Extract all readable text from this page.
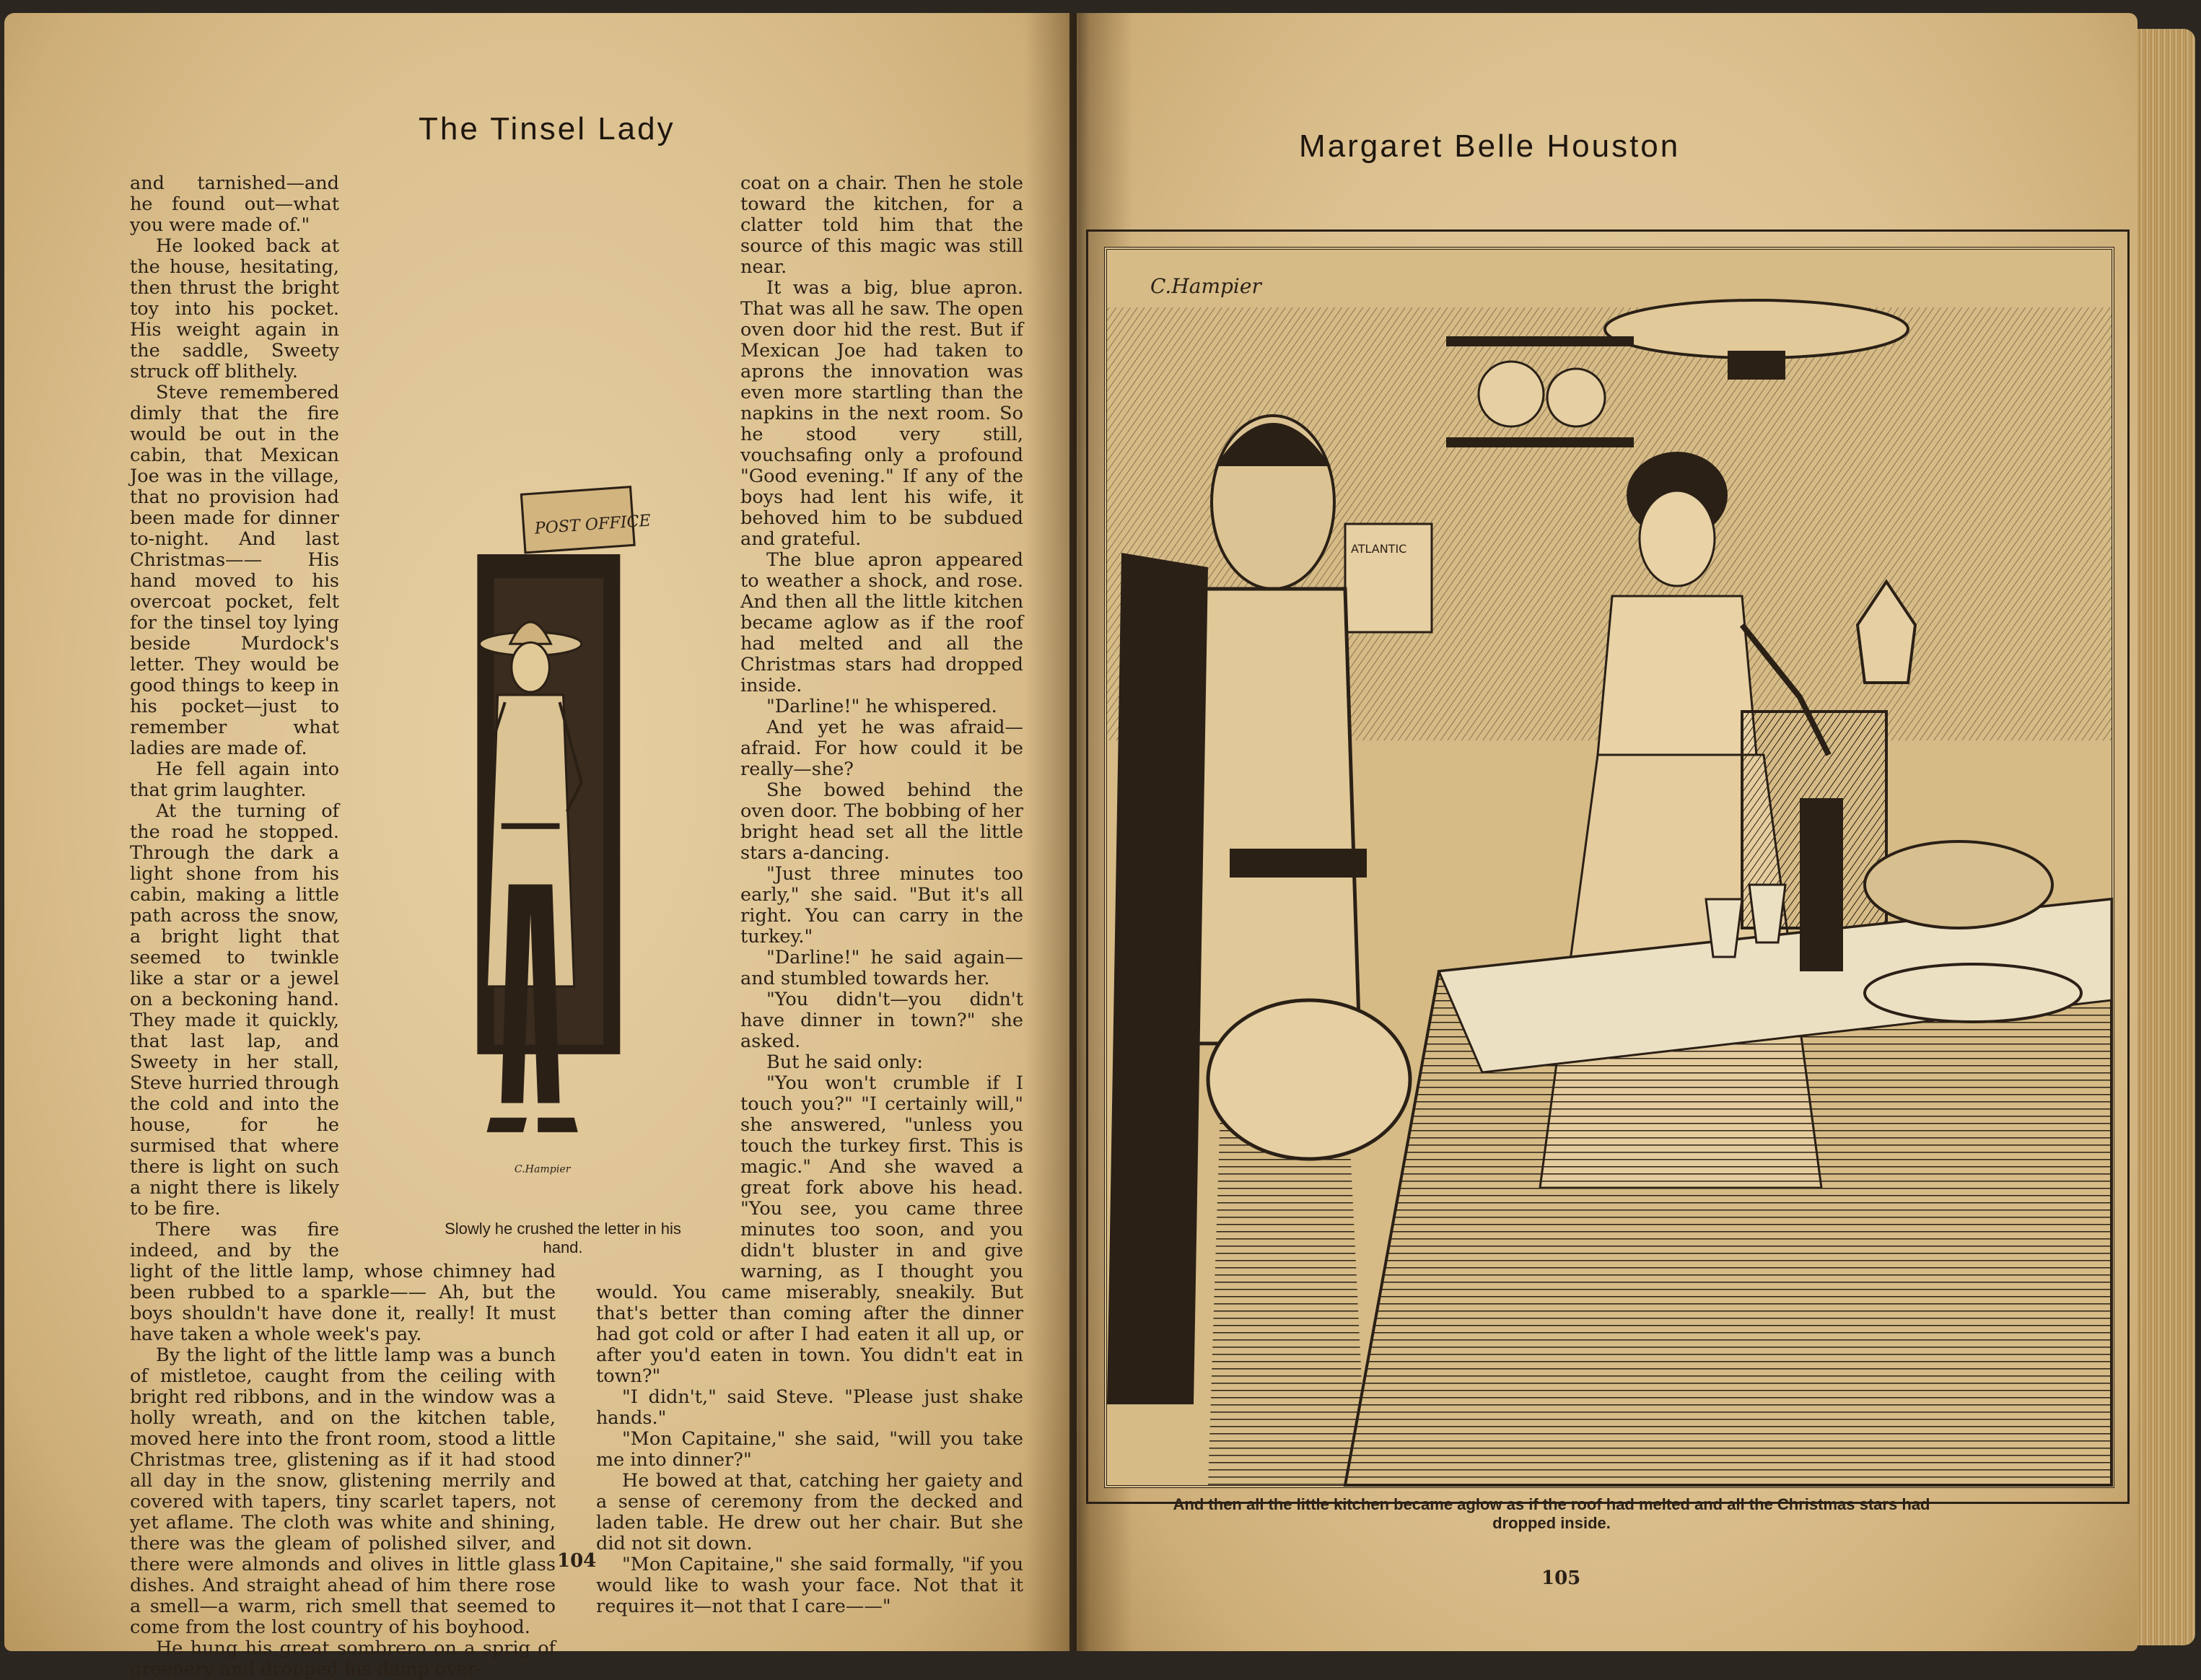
The Tinsel Lady

and tarnished—and he found out—what you were made of."

He looked back at the house, hesitating, then thrust the bright toy into his pocket. His weight again in the saddle, Sweety struck off blithely.

Steve remembered dimly that the fire would be out in the cabin, that Mexican Joe was in the village, that no provision had been made for dinner to-night. And last Christmas—— His hand moved to his overcoat pocket, felt for the tinsel toy lying beside Murdock's letter. They would be good things to keep in his pocket—just to remember what ladies are made of.

He fell again into that grim laughter.

At the turning of the road he stopped. Through the dark a light shone from his cabin, making a little path across the snow, a bright light that seemed to twinkle like a star or a jewel on a beckoning hand. They made it quickly, that last lap, and Sweety in her stall, Steve hurried through the cold and into the house, for he surmised that where there is light on such a night there is likely to be fire.

There was fire indeed, and by the light of the little lamp, whose chimney had been rubbed to a sparkle—— Ah, but the boys shouldn't have done it, really! It must have taken a whole week's pay.

By the light of the little lamp was a bunch of mistletoe, caught from the ceiling with bright red ribbons, and in the window was a holly wreath, and on the kitchen table, moved here into the front room, stood a little Christmas tree, glistening as if it had stood all day in the snow, glistening merrily and covered with tapers, tiny scarlet tapers, not yet aflame. The cloth was white and shining, there was the gleam of polished silver, and there were almonds and olives in little glass dishes. And straight ahead of him there rose a smell—a warm, rich smell that seemed to come from the lost country of his boyhood.

He hung his great sombrero on a sprig of greenery and dropped his damp over-

coat on a chair. Then he stole toward the kitchen, for a clatter told him that the source of this magic was still near.

It was a big, blue apron. That was all he saw. The open oven door hid the rest. But if Mexican Joe had taken to aprons the innovation was even more startling than the napkins in the next room. So he stood very still, vouchsafing only a profound "Good evening." If any of the boys had lent his wife, it behoved him to be subdued and grateful.

The blue apron appeared to weather a shock, and rose. And then all the little kitchen became aglow as if the roof had melted and all the Christmas stars had dropped inside.

"Darline!" he whispered.

And yet he was afraid—afraid. For how could it be really—she?

She bowed behind the oven door. The bobbing of her bright head set all the little stars a-dancing.

"Just three minutes too early," she said. "But it's all right. You can carry in the turkey."

"Darline!" he said again—and stumbled towards her.

"You didn't—you didn't have dinner in town?" she asked.

But he said only:

"You won't crumble if I touch you?" "I certainly will," she answered, "unless you touch the turkey first. This is magic." And she waved a great fork above his head. "You see, you came three minutes too soon, and you didn't bluster in and give warning, as I thought you would. You came miserably, sneakily. But that's better than coming after the dinner had got cold or after I had eaten it all up, or after you'd eaten in town. You didn't eat in town?"

"I didn't," said Steve. "Please just shake hands."

"Mon Capitaine," she said, "will you take me into dinner?"

He bowed at that, catching her gaiety and a sense of ceremony from the decked and laden table. He drew out her chair. But she did not sit down.

"Mon Capitaine," she said formally, "if you would like to wash your face. Not that it requires it—not that I care——"

POST OFFICE
C.Hampier
Slowly he crushed the letter in his hand.
104
Margaret Belle Houston
ATLANTIC
C.Hampier
And then all the little kitchen became aglow as if the roof had melted and all the Christmas stars had dropped inside.
105
